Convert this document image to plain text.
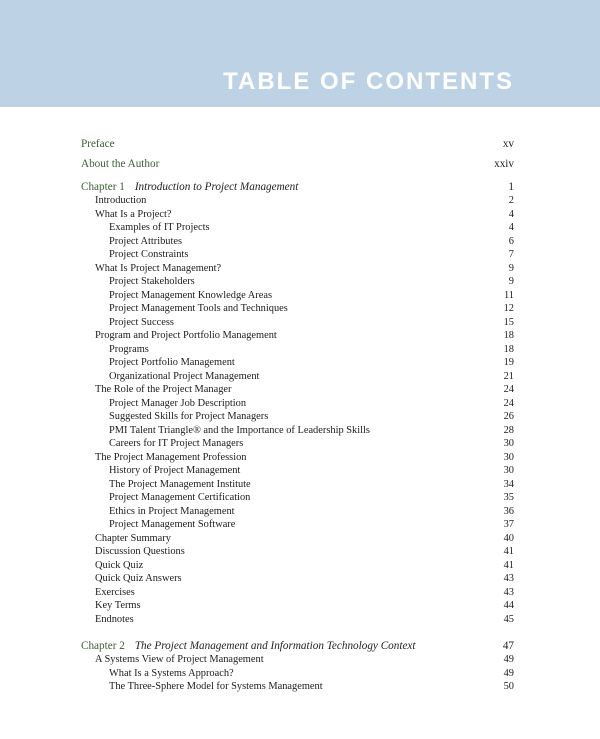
TABLE OF CONTENTS
Preface	xv
About the Author	xxiv
Chapter 1 Introduction to Project Management	1
Introduction	2
What Is a Project?	4
Examples of IT Projects	4
Project Attributes	6
Project Constraints	7
What Is Project Management?	9
Project Stakeholders	9
Project Management Knowledge Areas	11
Project Management Tools and Techniques	12
Project Success	15
Program and Project Portfolio Management	18
Programs	18
Project Portfolio Management	19
Organizational Project Management	21
The Role of the Project Manager	24
Project Manager Job Description	24
Suggested Skills for Project Managers	26
PMI Talent Triangle® and the Importance of Leadership Skills	28
Careers for IT Project Managers	30
The Project Management Profession	30
History of Project Management	30
The Project Management Institute	34
Project Management Certification	35
Ethics in Project Management	36
Project Management Software	37
Chapter Summary	40
Discussion Questions	41
Quick Quiz	41
Quick Quiz Answers	43
Exercises	43
Key Terms	44
Endnotes	45
Chapter 2 The Project Management and Information Technology Context	47
A Systems View of Project Management	49
What Is a Systems Approach?	49
The Three-Sphere Model for Systems Management	50
